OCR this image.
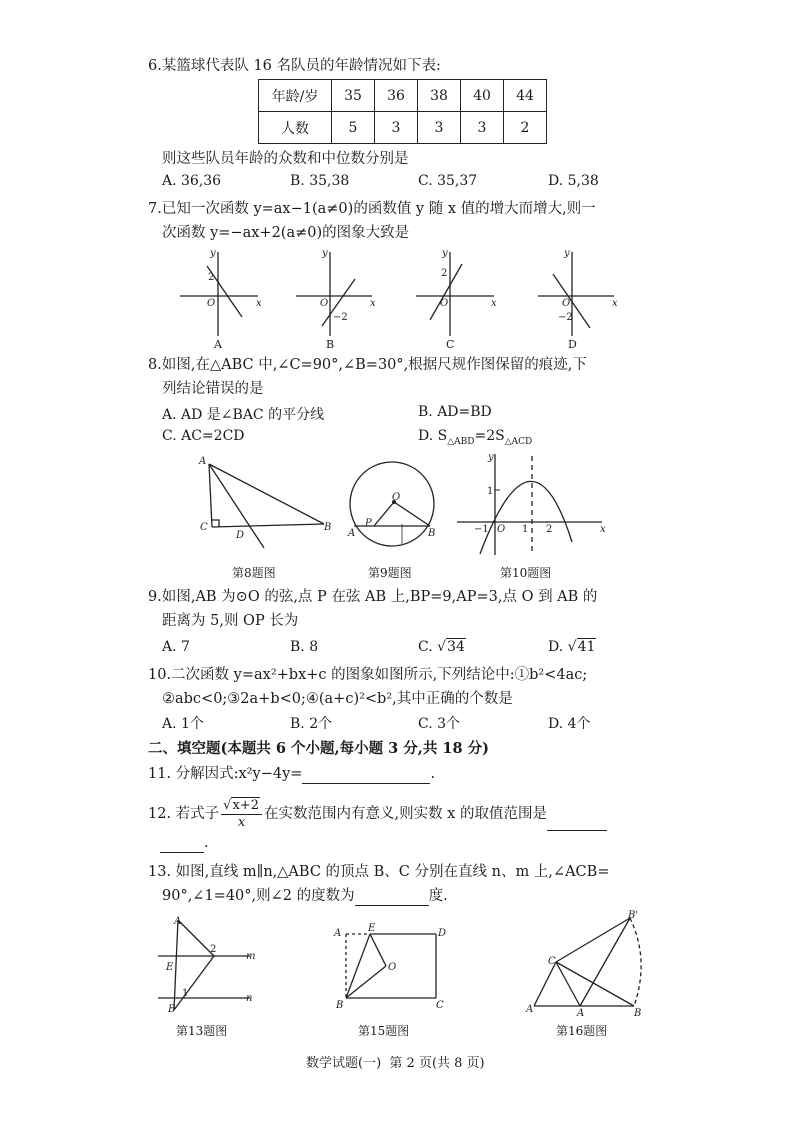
6.某篮球代表队 16 名队员的年龄情况如下表:
年龄/岁	35	36	38	40	44
人数	5	3	3	3	2
则这些队员年龄的众数和中位数分别是
A. 36,36	B. 35,38	C. 35,37	D. 5,38
7.已知一次函数 y=ax−1(a≠0)的函数值 y 随 x 值的增大而增大,则一
次函数 y=−ax+2(a≠0)的图象大致是
y
x
O
y
x
O
y
x
O
y
x
O
2
−2
2
−2
A	B	C	D
8.如图,在△ABC 中,∠C=90°,∠B=30°,根据尺规作图保留的痕迹,下
列结论错误的是
A. AD 是∠BAC 的平分线	B. AD=BD
C. AC=2CD	D. $S_{\triangle ABD}=2S_{\triangle ACD}$
A
C
D
B
第8题图
O
P
A	B
第9题图
y
1
−1 O 1 2	x
第10题图
9.如图,AB 为⊙O 的弦,点 P 在弦 AB 上,BP=9,AP=3,点 O 到 AB 的
距离为 5,则 OP 长为
A. 7	B. 8	C. √34	D. √41
10.二次函数 y=ax²+bx+c 的图象如图所示,下列结论中:①b²<4ac;
②abc<0;③2a+b<0;④(a+c)²<b²,其中正确的个数是
A. 1个	B. 2个	C. 3个	D. 4个
二、填空题(本题共 6 个小题,每小题 3 分,共 18 分)
11. 分解因式:x²y−4y=	.
12. 若式子 $\frac{√x+2}{x}$ 在实数范围内有意义,则实数 x 的取值范围是
.
13. 如图,直线 m∥n,△ABC 的顶点 B、C 分别在直线 n、m 上,∠ACB=
90°,∠1=40°,则∠2 的度数为	度.
A
2
m
E
1
B
n
第13题图
A	E	D
O
B	C
第15题图
B'
C
A	A	B
第16题图
数学试题(一)  第 2 页(共 8 页)
